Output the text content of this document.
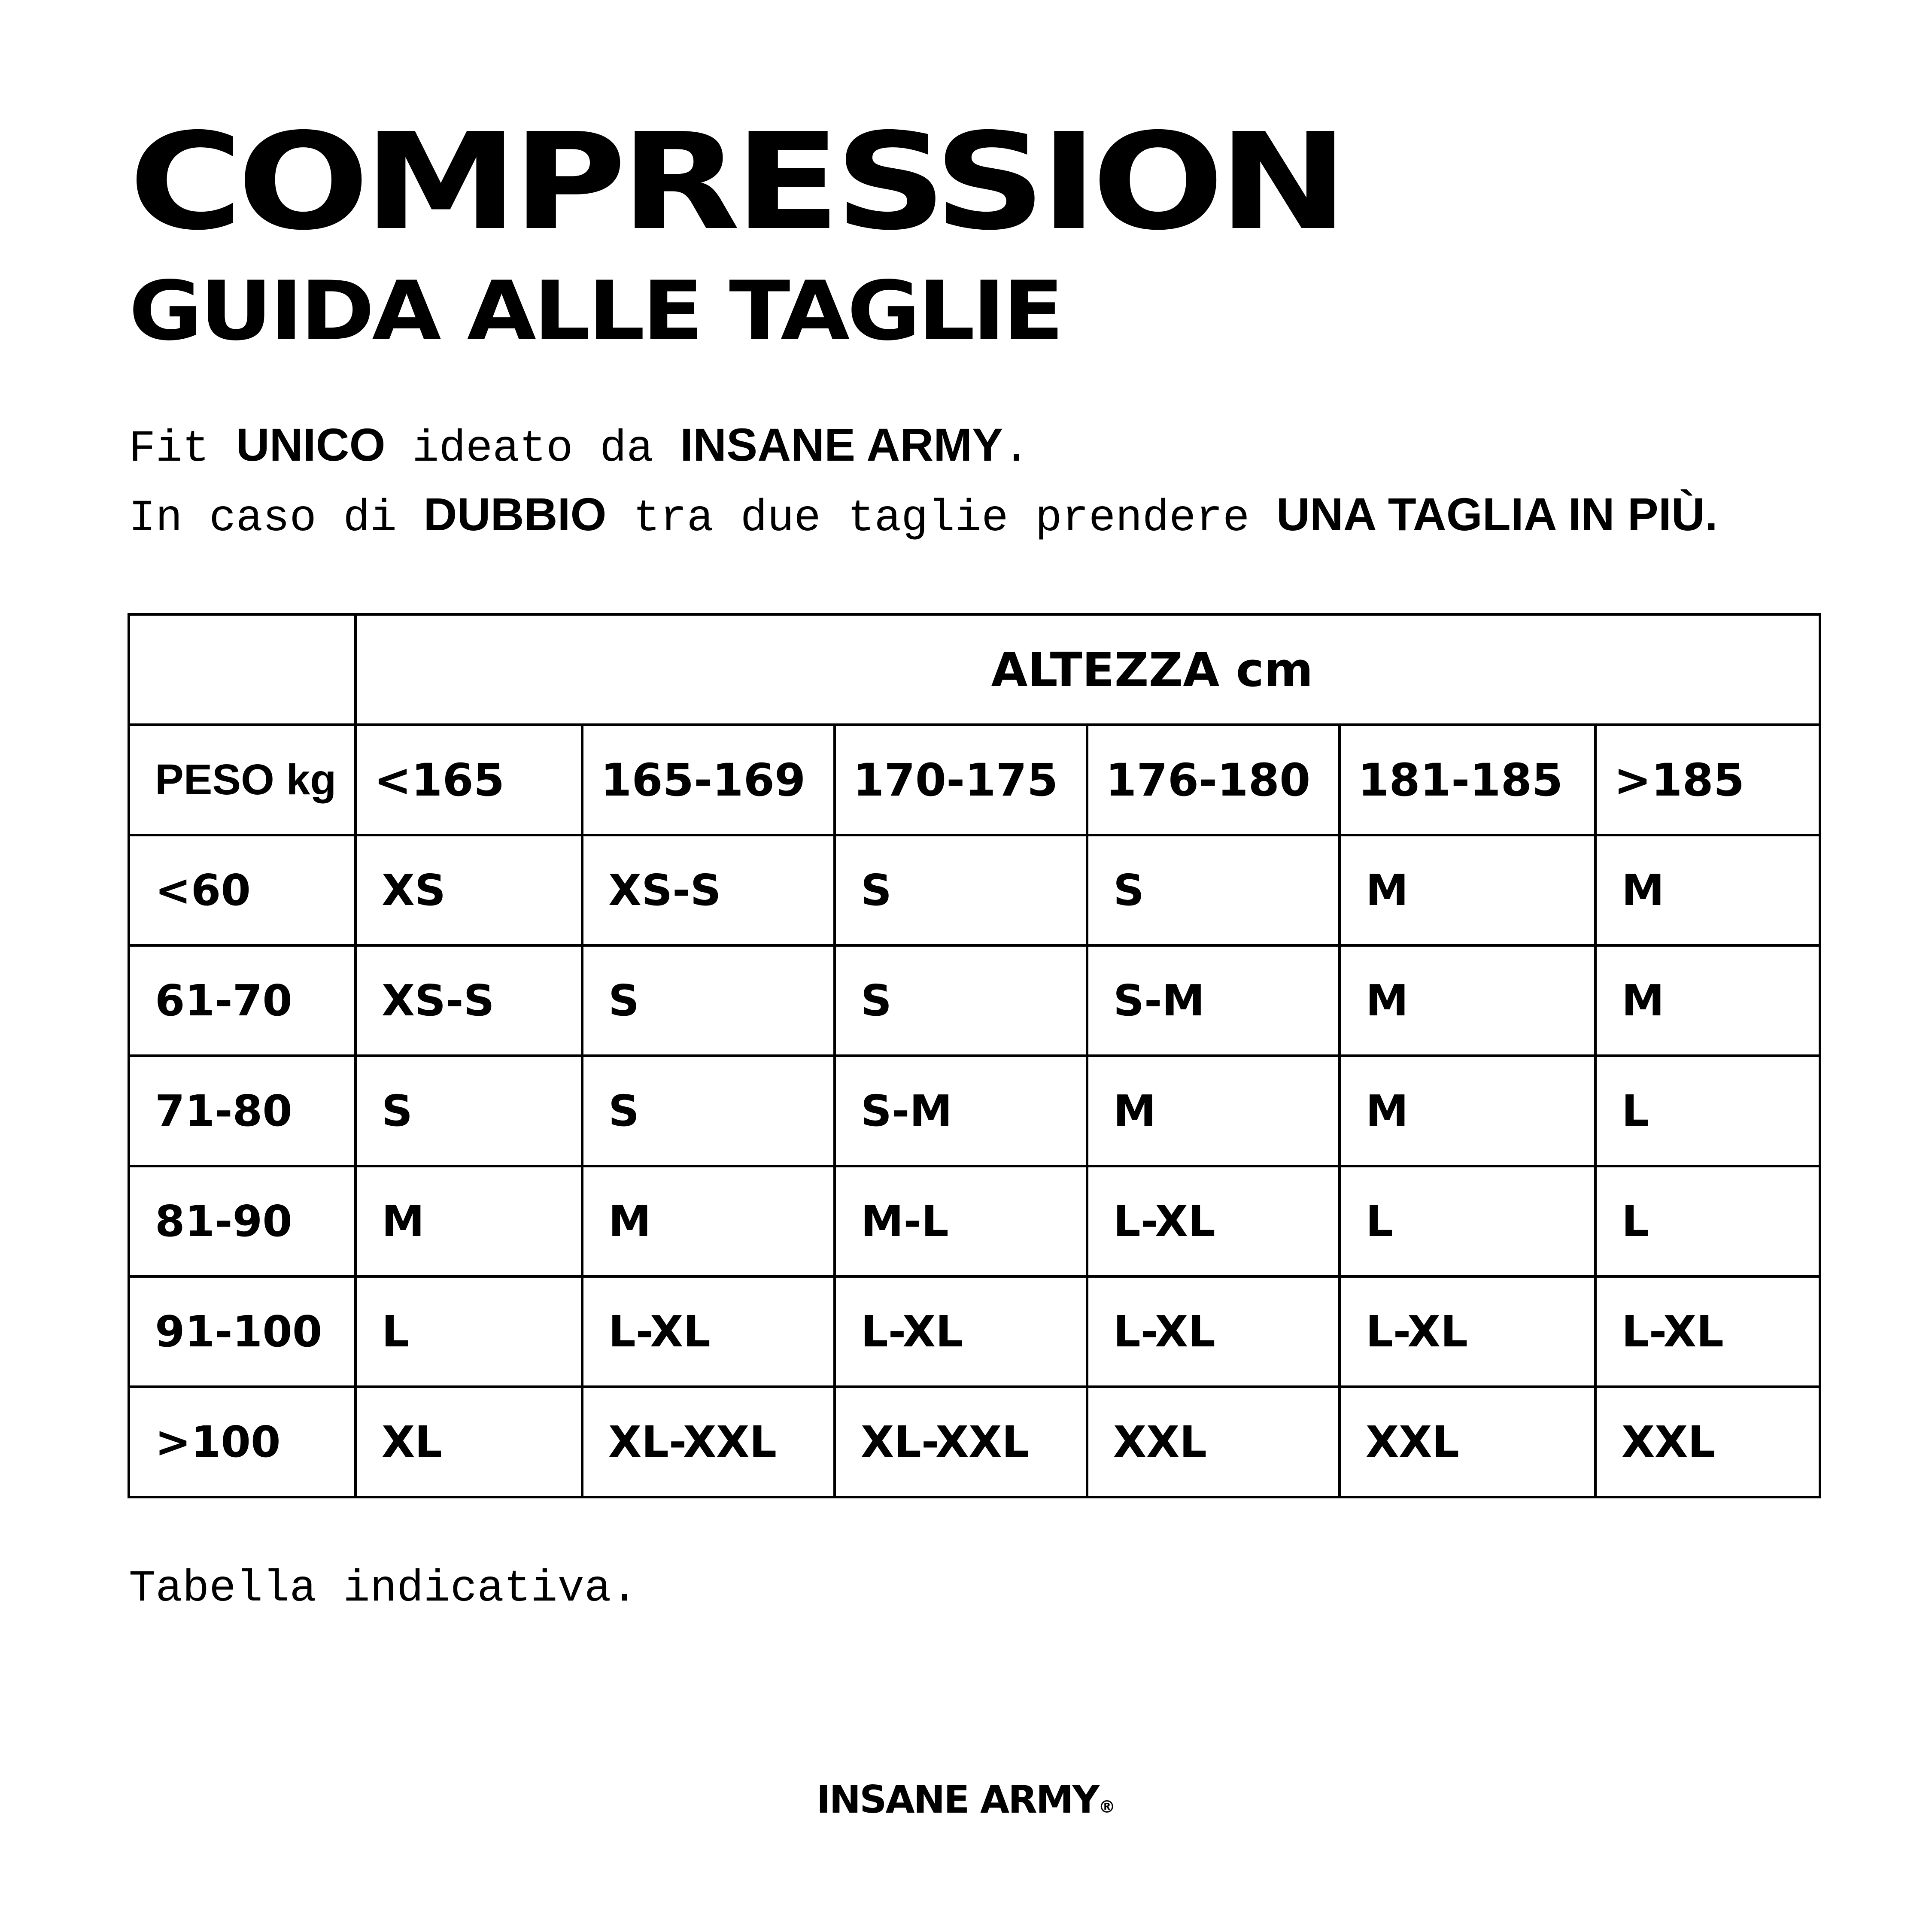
COMPRESSION
GUIDA ALLE TAGLIE
Fit UNICO ideato da INSANE ARMY.
In caso di DUBBIO tra due taglie prendere UNA TAGLIA IN PIÙ.
	ALTEZZA cm					
PESO kg	<165	165-169	170-175	176-180	181-185	>185
<60	XS	XS-S	S	S	M	M
61-70	XS-S	S	S	S-M	M	M
71-80	S	S	S-M	M	M	L
81-90	M	M	M-L	L-XL	L	L
91-100	L	L-XL	L-XL	L-XL	L-XL	L-XL
>100	XL	XL-XXL	XL-XXL	XXL	XXL	XXL
Tabella indicativa.
INSANE ARMY®
